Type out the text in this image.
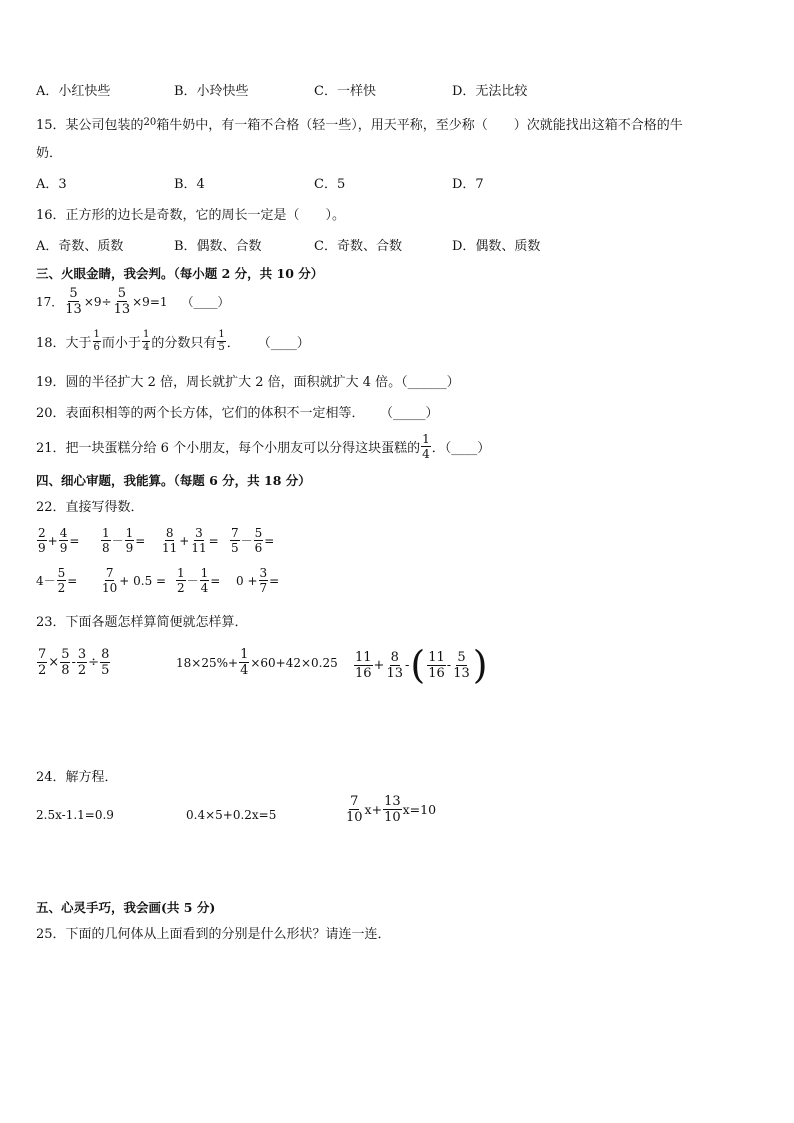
A．小红快些	B．小玲快些	C．一样快	D．无法比较
15．某公司包装的$^{20}$箱牛奶中，有一箱不合格（轻一些），用天平称，至少称（　　）次就能找出这箱不合格的牛
奶．
A．3	B．4	C．5	D．7
16．正方形的边长是奇数，它的周长一定是（　　）。
A．奇数、质数	B．偶数、合数	C．奇数、合数	D．偶数、质数
三、火眼金睛，我会判。（每小题 2 分，共 10 分）
17． $\frac{5}{13} \times 9\div \frac{5}{13} \times 9=1$ （____）
18．大于 $\frac{1}{6}$ 而小于 $\frac{1}{4}$ 的分数只有 $\frac{1}{5}$ ． （____）
19．圆的半径扩大 2 倍，周长就扩大 2 倍，面积就扩大 4 倍。（______）
20．表面积相等的两个长方体，它们的体积不一定相等． （_____）
21．把一块蛋糕分给 6 个小朋友，每个小朋友可以分得这块蛋糕的 $\frac{1}{4}$ ．（____）
四、细心审题，我能算。（每题 6 分，共 18 分）
22．直接写得数．
$\frac{2}{9} + \frac{4}{9} = \frac{1}{8} - \frac{1}{9} = \frac{8}{11} + \frac{3}{11} = \frac{7}{5} - \frac{5}{6}$ =
$4- \frac{5}{2} = \frac{7}{10} + 0.5 = \frac{1}{2} - \frac{1}{4} = 0 + \frac{3}{7}$ =
23．下面各题怎样算简便就怎样算．
$\frac{7}{2} \times \frac{5}{8} - \frac{3}{2} \div \frac{8}{5}$	$18\times 25\%+ \frac{1}{4} \times 60+42\times 0.25 \frac{11}{16} + \frac{8}{13}$ - ( $\frac{11}{16} - \frac{5}{13}$ )
24．解方程．
2.5x-1.1=0.9	0.4×5+0.2x=5	$\frac{7}{10} x+ \frac{13}{10} x=10$
五、心灵手巧，我会画(共 5 分)
25．下面的几何体从上面看到的分别是什么形状？请连一连．
